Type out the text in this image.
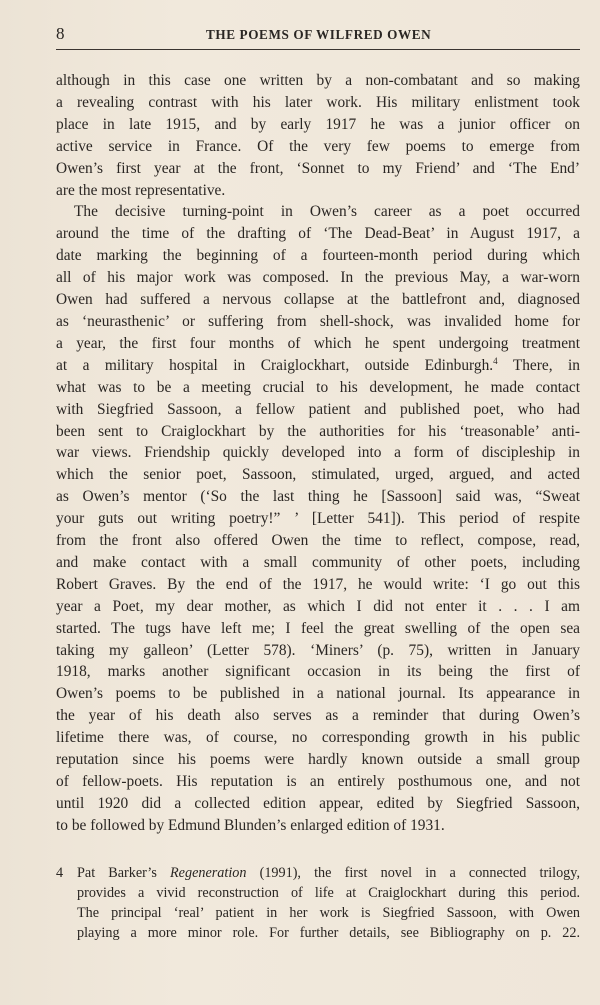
8	THE POEMS OF WILFRED OWEN

although in this case one written by a non-combatant and so making
a revealing contrast with his later work. His military enlistment took
place in late 1915, and by early 1917 he was a junior officer on
active service in France. Of the very few poems to emerge from
Owen’s first year at the front, ‘Sonnet to my Friend’ and ‘The End’
are the most representative.

The decisive turning-point in Owen’s career as a poet occurred
around the time of the drafting of ‘The Dead-Beat’ in August 1917, a
date marking the beginning of a fourteen-month period during which
all of his major work was composed. In the previous May, a war-worn
Owen had suffered a nervous collapse at the battlefront and, diagnosed
as ‘neurasthenic’ or suffering from shell-shock, was invalided home for
a year, the first four months of which he spent undergoing treatment
at a military hospital in Craiglockhart, outside Edinburgh.$^4$ There, in
what was to be a meeting crucial to his development, he made contact
with Siegfried Sassoon, a fellow patient and published poet, who had
been sent to Craiglockhart by the authorities for his ‘treasonable’ anti-
war views. Friendship quickly developed into a form of discipleship in
which the senior poet, Sassoon, stimulated, urged, argued, and acted
as Owen’s mentor (‘So the last thing he [Sassoon] said was, “Sweat
your guts out writing poetry!” ’ [Letter 541]). This period of respite
from the front also offered Owen the time to reflect, compose, read,
and make contact with a small community of other poets, including
Robert Graves. By the end of the 1917, he would write: ‘I go out this
year a Poet, my dear mother, as which I did not enter it . . . I am
started. The tugs have left me; I feel the great swelling of the open sea
taking my galleon’ (Letter 578). ‘Miners’ (p. 75), written in January
1918, marks another significant occasion in its being the first of
Owen’s poems to be published in a national journal. Its appearance in
the year of his death also serves as a reminder that during Owen’s
lifetime there was, of course, no corresponding growth in his public
reputation since his poems were hardly known outside a small group
of fellow-poets. His reputation is an entirely posthumous one, and not
until 1920 did a collected edition appear, edited by Siegfried Sassoon,
to be followed by Edmund Blunden’s enlarged edition of 1931.

4 Pat Barker’s Regeneration (1991), the first novel in a connected trilogy,
provides a vivid reconstruction of life at Craiglockhart during this period.
The principal ‘real’ patient in her work is Siegfried Sassoon, with Owen
playing a more minor role. For further details, see Bibliography on p. 22.
